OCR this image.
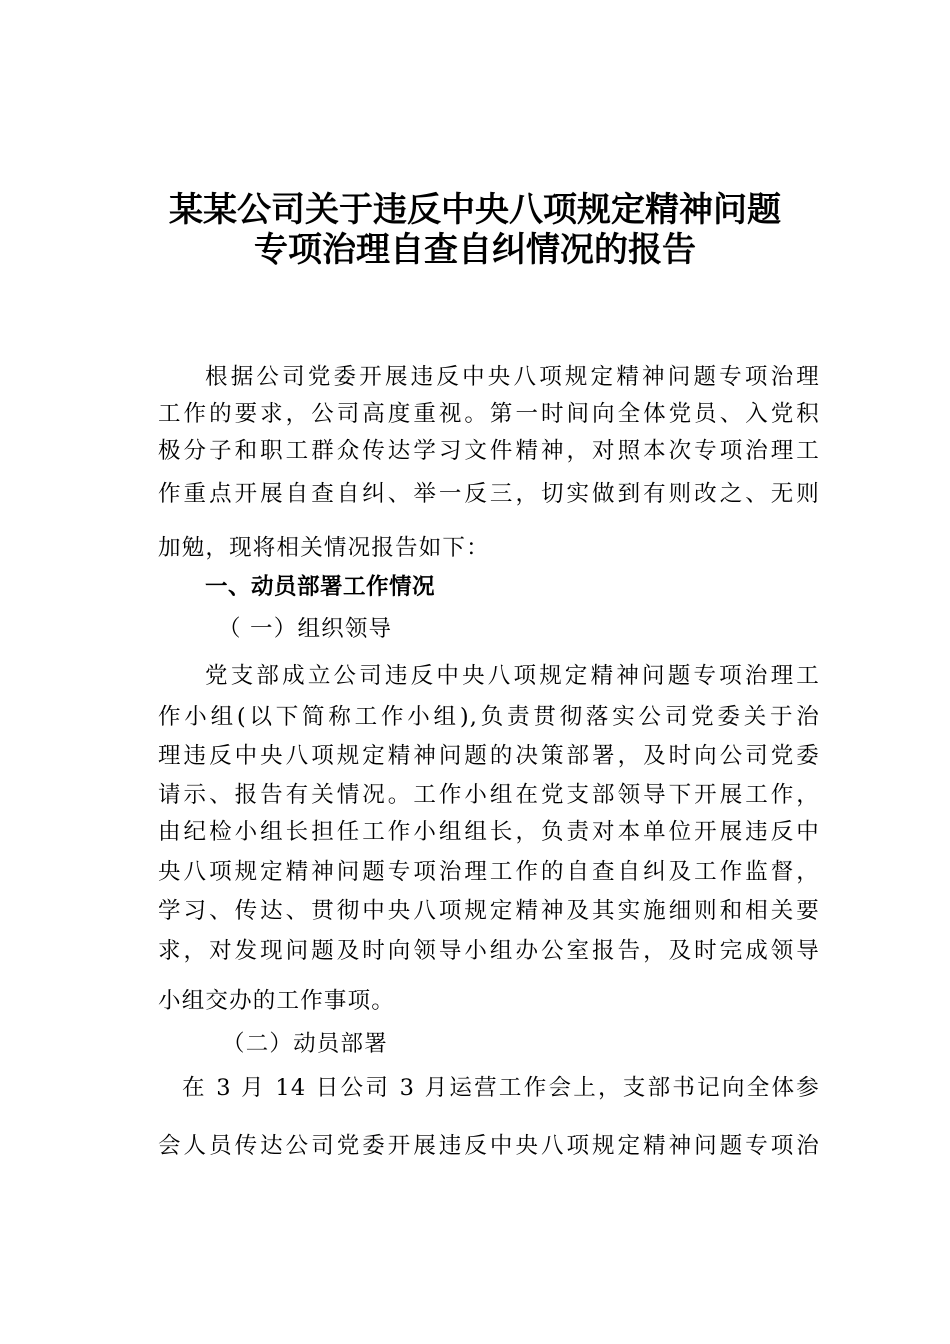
某某公司关于违反中央八项规定精神问题
专项治理自查自纠情况的报告
根据公司党委开展违反中央八项规定精神问题专项治理
工作的要求，公司高度重视。第一时间向全体党员、入党积
极分子和职工群众传达学习文件精神，对照本次专项治理工
作重点开展自查自纠、举一反三，切实做到有则改之、无则
加勉，现将相关情况报告如下：
一、动员部署工作情况
（ 一）组织领导
党支部成立公司违反中央八项规定精神问题专项治理工
作小组(以下简称工作小组),负责贯彻落实公司党委关于治
理违反中央八项规定精神问题的决策部署，及时向公司党委
请示、报告有关情况。工作小组在党支部领导下开展工作，
由纪检小组长担任工作小组组长，负责对本单位开展违反中
央八项规定精神问题专项治理工作的自查自纠及工作监督，
学习、传达、贯彻中央八项规定精神及其实施细则和相关要
求，对发现问题及时向领导小组办公室报告，及时完成领导
小组交办的工作事项。
（二）动员部署
在 3 月 14 日公司 3 月运营工作会上，支部书记向全体参
会人员传达公司党委开展违反中央八项规定精神问题专项治
